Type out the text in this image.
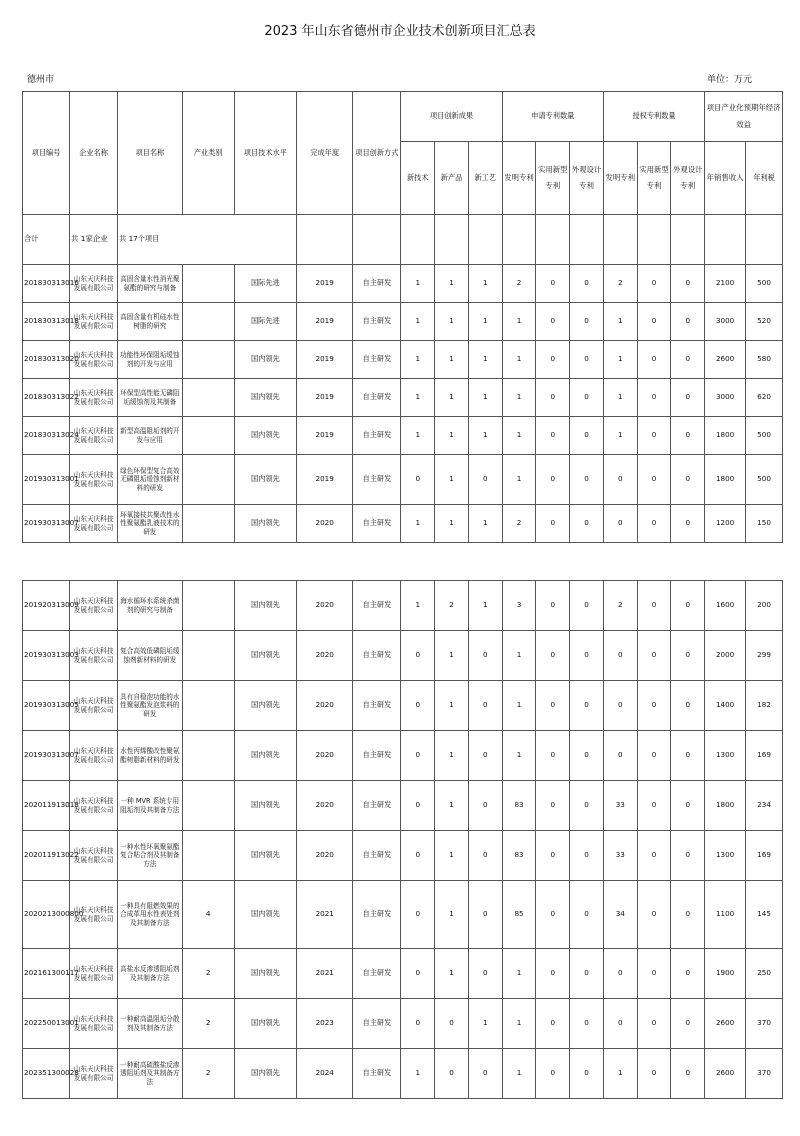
2023 年山东省德州市企业技术创新项目汇总表
德州市	单位：万元
项目编号	企业名称	项目名称	产业类别	项目技术水平	完成年度	项目创新方式	项目创新成果			申请专利数量			授权专利数量			项目产业化预期年经济效益	
							新技术	新产品	新工艺	发明专利	实用新型专利	外观设计专利	发明专利	实用新型专利	外观设计专利	年销售收入	年利税
合计	共 1家企业	共 17个项目															
201830313016	山东天庆科技发展有限公司	高固含量水性消光聚氨酯的研究与制备		国际先进	2019	自主研发	1	1	1	2	0	0	2	0	0	2100	500
201830313018	山东天庆科技发展有限公司	高固含量有机硅水性树脂的研究		国际先进	2019	自主研发	1	1	1	1	0	0	1	0	0	3000	520
201830313020	山东天庆科技发展有限公司	功能性环保阻垢缓蚀剂的开发与应用		国内领先	2019	自主研发	1	1	1	1	0	0	1	0	0	2600	580
201830313022	山东天庆科技发展有限公司	环保型高性能无磷阻垢缓蚀剂及其制备		国内领先	2019	自主研发	1	1	1	1	0	0	1	0	0	3000	620
201830313024	山东天庆科技发展有限公司	新型高温阻垢剂的开发与应用		国内领先	2019	自主研发	1	1	1	1	0	0	1	0	0	1800	500
201930313001	山东天庆科技发展有限公司	绿色环保型复合高效无磷阻垢缓蚀剂新材料的研发		国内领先	2019	自主研发	0	1	0	1	0	0	0	0	0	1800	500
201930313007	山东天庆科技发展有限公司	环氧接枝共聚改性水性聚氨酯乳液技术的研发		国内领先	2020	自主研发	1	1	1	2	0	0	0	0	0	1200	150
201920313009	山东天庆科技发展有限公司	海水循环水系统杀菌剂的研究与制备		国内领先	2020	自主研发	1	2	1	3	0	0	2	0	0	1600	200
201930313003	山东天庆科技发展有限公司	复合高效低磷阻垢缓蚀剂新材料的研发		国内领先	2020	自主研发	0	1	0	1	0	0	0	0	0	2000	299
201930313005	山东天庆科技发展有限公司	具有自稳泡功能的水性聚氨酯发泡浆料的研发		国内领先	2020	自主研发	0	1	0	1	0	0	0	0	0	1400	182
201930313007	山东天庆科技发展有限公司	水性丙烯酸改性聚氨酯树脂新材料的研发		国内领先	2020	自主研发	0	1	0	1	0	0	0	0	0	1300	169
202011913018	山东天庆科技发展有限公司	一种 MVR 系统专用阻垢剂及其制备方法		国内领先	2020	自主研发	0	1	0	83	0	0	33	0	0	1800	234
202011913022	山东天庆科技发展有限公司	一种水性环氧聚氨酯复合粘合剂及其制备方法		国内领先	2020	自主研发	0	1	0	83	0	0	33	0	0	1300	169
2020213000800	山东天庆科技发展有限公司	一种具有阻燃效果的合成革用水性表处剂及其制备方法	4	国内领先	2021	自主研发	0	1	0	85	0	0	34	0	0	1100	145
202161300117	山东天庆科技发展有限公司	高盐水反渗透阻垢剂及其制备方法	2	国内领先	2021	自主研发	0	1	0	1	0	0	0	0	0	1900	250
202250013001	山东天庆科技发展有限公司	一种耐高温阻垢分散剂及其制备方法	2	国内领先	2023	自主研发	0	0	1	1	0	0	0	0	0	2600	370
202351300028	山东天庆科技发展有限公司	一种耐高硫酸盐反渗透阻垢剂及其制备方法	2	国内领先	2024	自主研发	1	0	0	1	0	0	1	0	0	2600	370
